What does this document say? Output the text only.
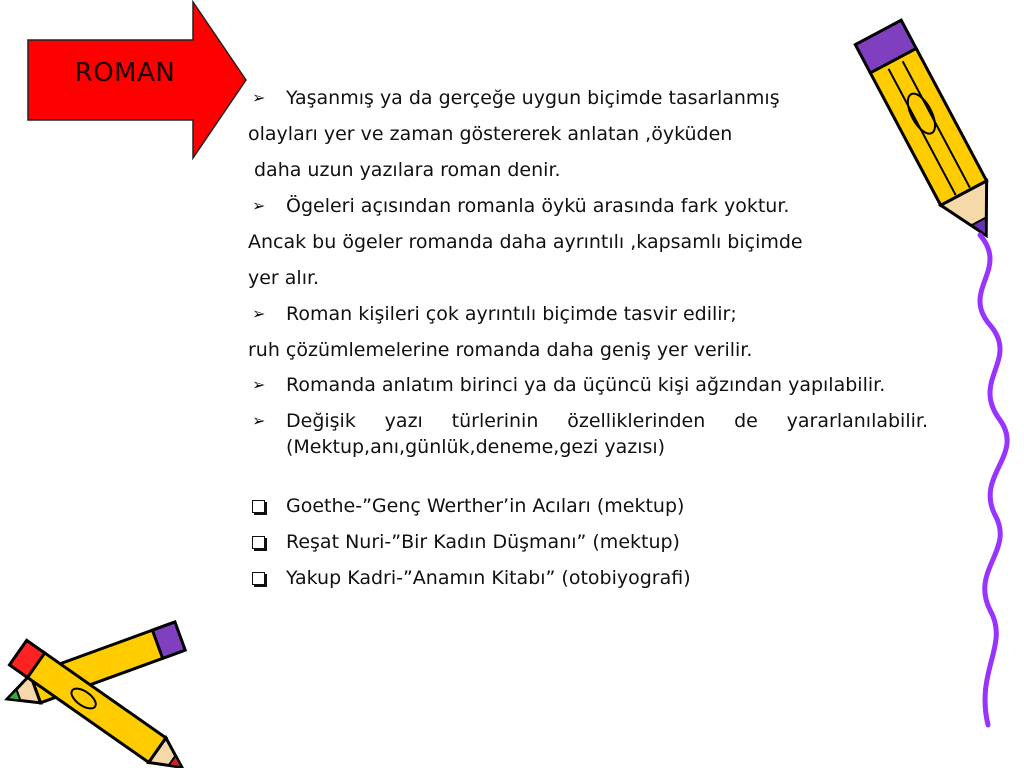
ROMAN
➢ Yaşanmış ya da gerçeğe uygun biçimde tasarlanmış
olayları yer ve zaman göstererek anlatan ,öyküden
daha uzun yazılara roman denir.
➢ Ögeleri açısından romanla öykü arasında fark yoktur.
Ancak bu ögeler romanda daha ayrıntılı ,kapsamlı biçimde
yer alır.
➢ Roman kişileri çok ayrıntılı biçimde tasvir edilir;
ruh çözümlemelerine romanda daha geniş yer verilir.
➢ Romanda anlatım birinci ya da üçüncü kişi ağzından yapılabilir.
➢ Değişik yazı türlerinin özelliklerinden de yararlanılabilir.(Mektup,anı,günlük,deneme,gezi yazısı)
Goethe-”Genç Werther’in Acıları (mektup)
Reşat Nuri-”Bir Kadın Düşmanı” (mektup)
Yakup Kadri-”Anamın Kitabı” (otobiyografi)
